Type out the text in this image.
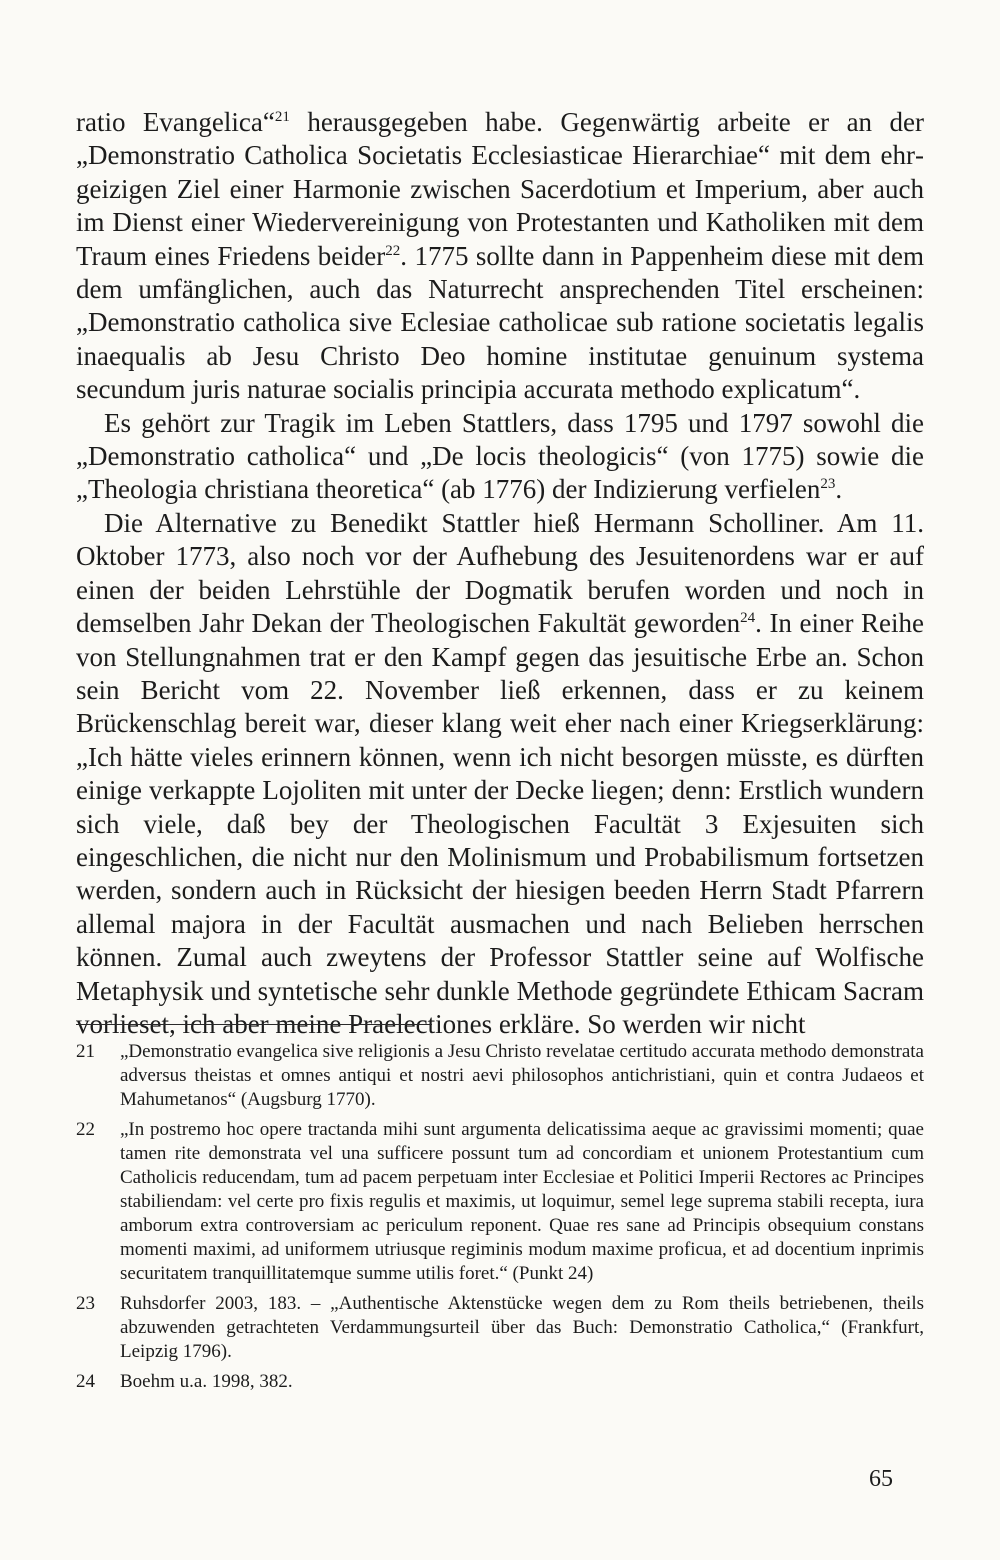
ratio Evangelica“$^{21}$ herausgegeben habe. Gegenwärtig arbeite er an der „Demonstratio Catholica Societatis Ecclesiasticae Hierarchiae“ mit dem ehrgeizigen Ziel einer Harmonie zwischen Sacerdotium et Imperium, aber auch im Dienst einer Wiedervereinigung von Protestanten und Katholiken mit dem Traum eines Friedens beider$^{22}$. 1775 sollte dann in Pappenheim diese mit dem dem umfänglichen, auch das Naturrecht ansprechenden Titel erscheinen: „Demonstratio catholica sive Eclesiae catholicae sub ratione societatis legalis inaequalis ab Jesu Christo Deo homine institutae genuinum systema secundum juris naturae socialis principia accurata methodo explicatum“.

Es gehört zur Tragik im Leben Stattlers, dass 1795 und 1797 sowohl die „Demonstratio catholica“ und „De locis theologicis“ (von 1775) sowie die „Theologia christiana theoretica“ (ab 1776) der Indizierung verfielen$^{23}$.

Die Alternative zu Benedikt Stattler hieß Hermann Scholliner. Am 11. Oktober 1773, also noch vor der Aufhebung des Jesuitenordens war er auf einen der beiden Lehrstühle der Dogmatik berufen worden und noch in demselben Jahr Dekan der Theologischen Fakultät geworden$^{24}$. In einer Reihe von Stellungnahmen trat er den Kampf gegen das jesuitische Erbe an. Schon sein Bericht vom 22. November ließ erkennen, dass er zu keinem Brückenschlag bereit war, dieser klang weit eher nach einer Kriegserklärung: „Ich hätte vieles erinnern können, wenn ich nicht besorgen müsste, es dürften einige verkappte Lojoliten mit unter der Decke liegen; denn: Erstlich wundern sich viele, daß bey der Theologischen Facultät 3 Exjesuiten sich eingeschlichen, die nicht nur den Molinismum und Probabilismum fortsetzen werden, sondern auch in Rücksicht der hiesigen beeden Herrn Stadt Pfarrern allemal majora in der Facultät ausmachen und nach Belieben herrschen können. Zumal auch zweytens der Professor Stattler seine auf Wolfische Metaphysik und syntetische sehr dunkle Methode gegründete Ethicam Sacram vorlieset, ich aber meine Praelectiones erkläre. So werden wir nicht

21	„Demonstratio evangelica sive religionis a Jesu Christo revelatae certitudo accurata methodo demonstrata adversus theistas et omnes antiqui et nostri aevi philosophos antichristiani, quin et contra Judaeos et Mahumetanos“ (Augsburg 1770).
22	„In postremo hoc opere tractanda mihi sunt argumenta delicatissima aeque ac gravissimi momenti; quae tamen rite demonstrata vel una sufficere possunt tum ad concordiam et unionem Protestantium cum Catholicis reducendam, tum ad pacem perpetuam inter Ecclesiae et Politici Imperii Rectores ac Principes stabiliendam: vel certe pro fixis regulis et maximis, ut loquimur, semel lege suprema stabili recepta, iura amborum extra controversiam ac periculum reponent. Quae res sane ad Principis obsequium constans momenti maximi, ad uniformem utriusque regiminis modum maxime proficua, et ad docentium inprimis securitatem tranquillitatemque summe utilis foret.“ (Punkt 24)
23	Ruhsdorfer 2003, 183. – „Authentische Aktenstücke wegen dem zu Rom theils betriebenen, theils abzuwenden getrachteten Verdammungsurteil über das Buch: Demonstratio Catholica,“ (Frankfurt, Leipzig 1796).
24	Boehm u.a. 1998, 382.
65
